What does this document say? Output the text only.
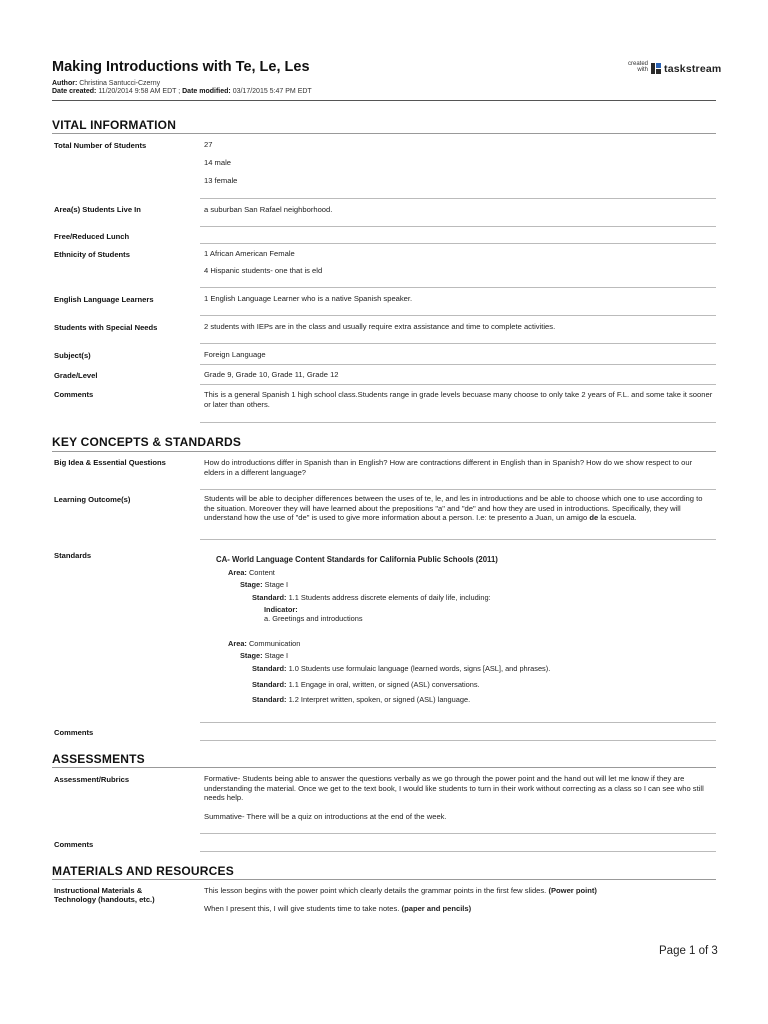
Making Introductions with Te, Le, Les
Author: Christina Santucci-Czerny
Date created: 11/20/2014 9:58 AM EDT ; Date modified: 03/17/2015 5:47 PM EDT
created
with taskstream
VITAL INFORMATION
Total Number of Students	27
14 male
13 female
Area(s) Students Live In	a suburban San Rafael neighborhood.
Free/Reduced Lunch
Ethnicity of Students	1 African American Female
4 Hispanic students- one that is eld
English Language Learners	1 English Language Learner who is a native Spanish speaker.
Students with Special Needs	2 students with IEPs are in the class and usually require extra assistance and time to complete activities.
Subject(s)	Foreign Language
Grade/Level	Grade 9, Grade 10, Grade 11, Grade 12
Comments	This is a general Spanish 1 high school class.Students range in grade levels becuase many choose to only take 2 years of F.L. and some take it sooner or later than others.
KEY CONCEPTS & STANDARDS
Big Idea & Essential Questions	How do introductions differ in Spanish than in English? How are contractions different in English than in Spanish? How do we show respect to our elders in a different language?
Learning Outcome(s)	Students will be able to decipher differences between the uses of te, le, and les in introductions and be able to choose which one to use according to the situation. Moreover they will have learned about the prepositions "a" and "de" and how they are used in introductions. Specifically, they will understand how the use of "de" is used to give more information about a person. I.e: te presento a Juan, un amigo de la escuela.
Standards	CA- World Language Content Standards for California Public Schools (2011)
Area: Content
Stage: Stage I
Standard: 1.1 Students address discrete elements of daily life, including:
Indicator:
a. Greetings and introductions
Area: Communication
Stage: Stage I
Standard: 1.0 Students use formulaic language (learned words, signs [ASL], and phrases).
Standard: 1.1 Engage in oral, written, or signed (ASL) conversations.
Standard: 1.2 Interpret written, spoken, or signed (ASL) language.
Comments
ASSESSMENTS
Assessment/Rubrics	Formative- Students being able to answer the questions verbally as we go through the power point and the hand out will let me know if they are understanding the material. Once we get to the text book, I would like students to turn in their work without correcting as a class so I can see who still needs help.
Summative- There will be a quiz on introductions at the end of the week.
Comments
MATERIALS AND RESOURCES
Instructional Materials & Technology (handouts, etc.)
This lesson begins with the power point which clearly details the grammar points in the first few slides. (Power point)
When I present this, I will give students time to take notes. (paper and pencils)
Page 1 of 3
